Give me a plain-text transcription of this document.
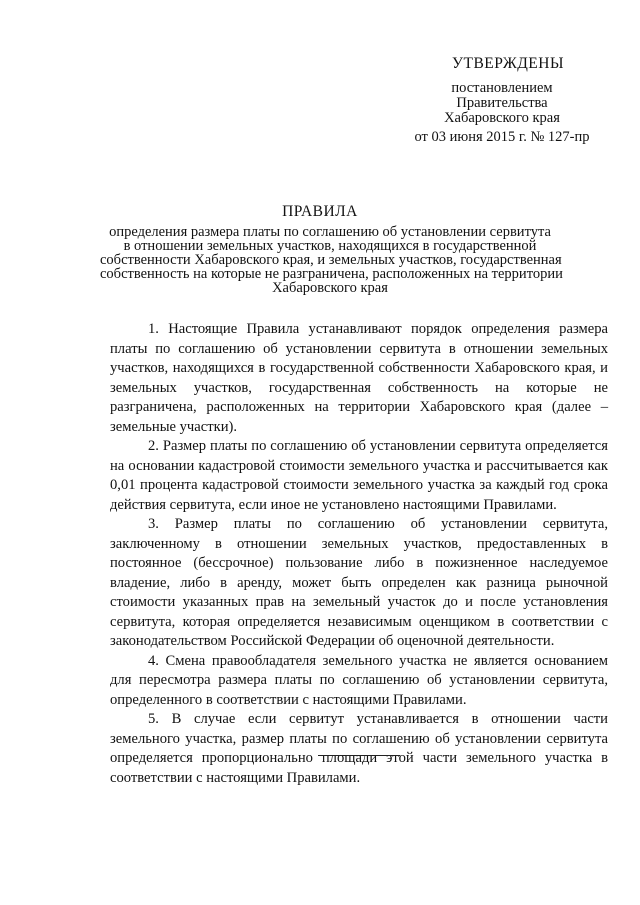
УТВЕРЖДЕНЫ
постановлением
Правительства
Хабаровского края
от 03 июня 2015 г. № 127-пр
ПРАВИЛА
определения размера платы по соглашению об установлении сервитута
в отношении земельных участков, находящихся в государственной
собственности Хабаровского края, и земельных участков, государственная
собственность на которые не разграничена, расположенных на территории
Хабаровского края

1. Настоящие Правила устанавливают порядок определения размера платы по соглашению об установлении сервитута в отношении земельных участков, находящихся в государственной собственности Хабаровского края, и земельных участков, государственная собственность на которые не разграничена, расположенных на территории Хабаровского края (далее – земельные участки).

2. Размер платы по соглашению об установлении сервитута определяется на основании кадастровой стоимости земельного участка и рассчитывается как 0,01 процента кадастровой стоимости земельного участка за каждый год срока действия сервитута, если иное не установлено настоящими Правилами.

3. Размер платы по соглашению об установлении сервитута, заключенному в отношении земельных участков, предоставленных в постоянное (бессрочное) пользование либо в пожизненное наследуемое владение, либо в аренду, может быть определен как разница рыночной стоимости указанных прав на земельный участок до и после установления сервитута, которая определяется независимым оценщиком в соответствии с законодательством Российской Федерации об оценочной деятельности.

4. Смена правообладателя земельного участка не является основанием для пересмотра размера платы по соглашению об установлении сервитута, определенного в соответствии с настоящими Правилами.

5. В случае если сервитут устанавливается в отношении части земельного участка, размер платы по соглашению об установлении сервитута определяется пропорционально площади этой части земельного участка в соответствии с настоящими Правилами.
